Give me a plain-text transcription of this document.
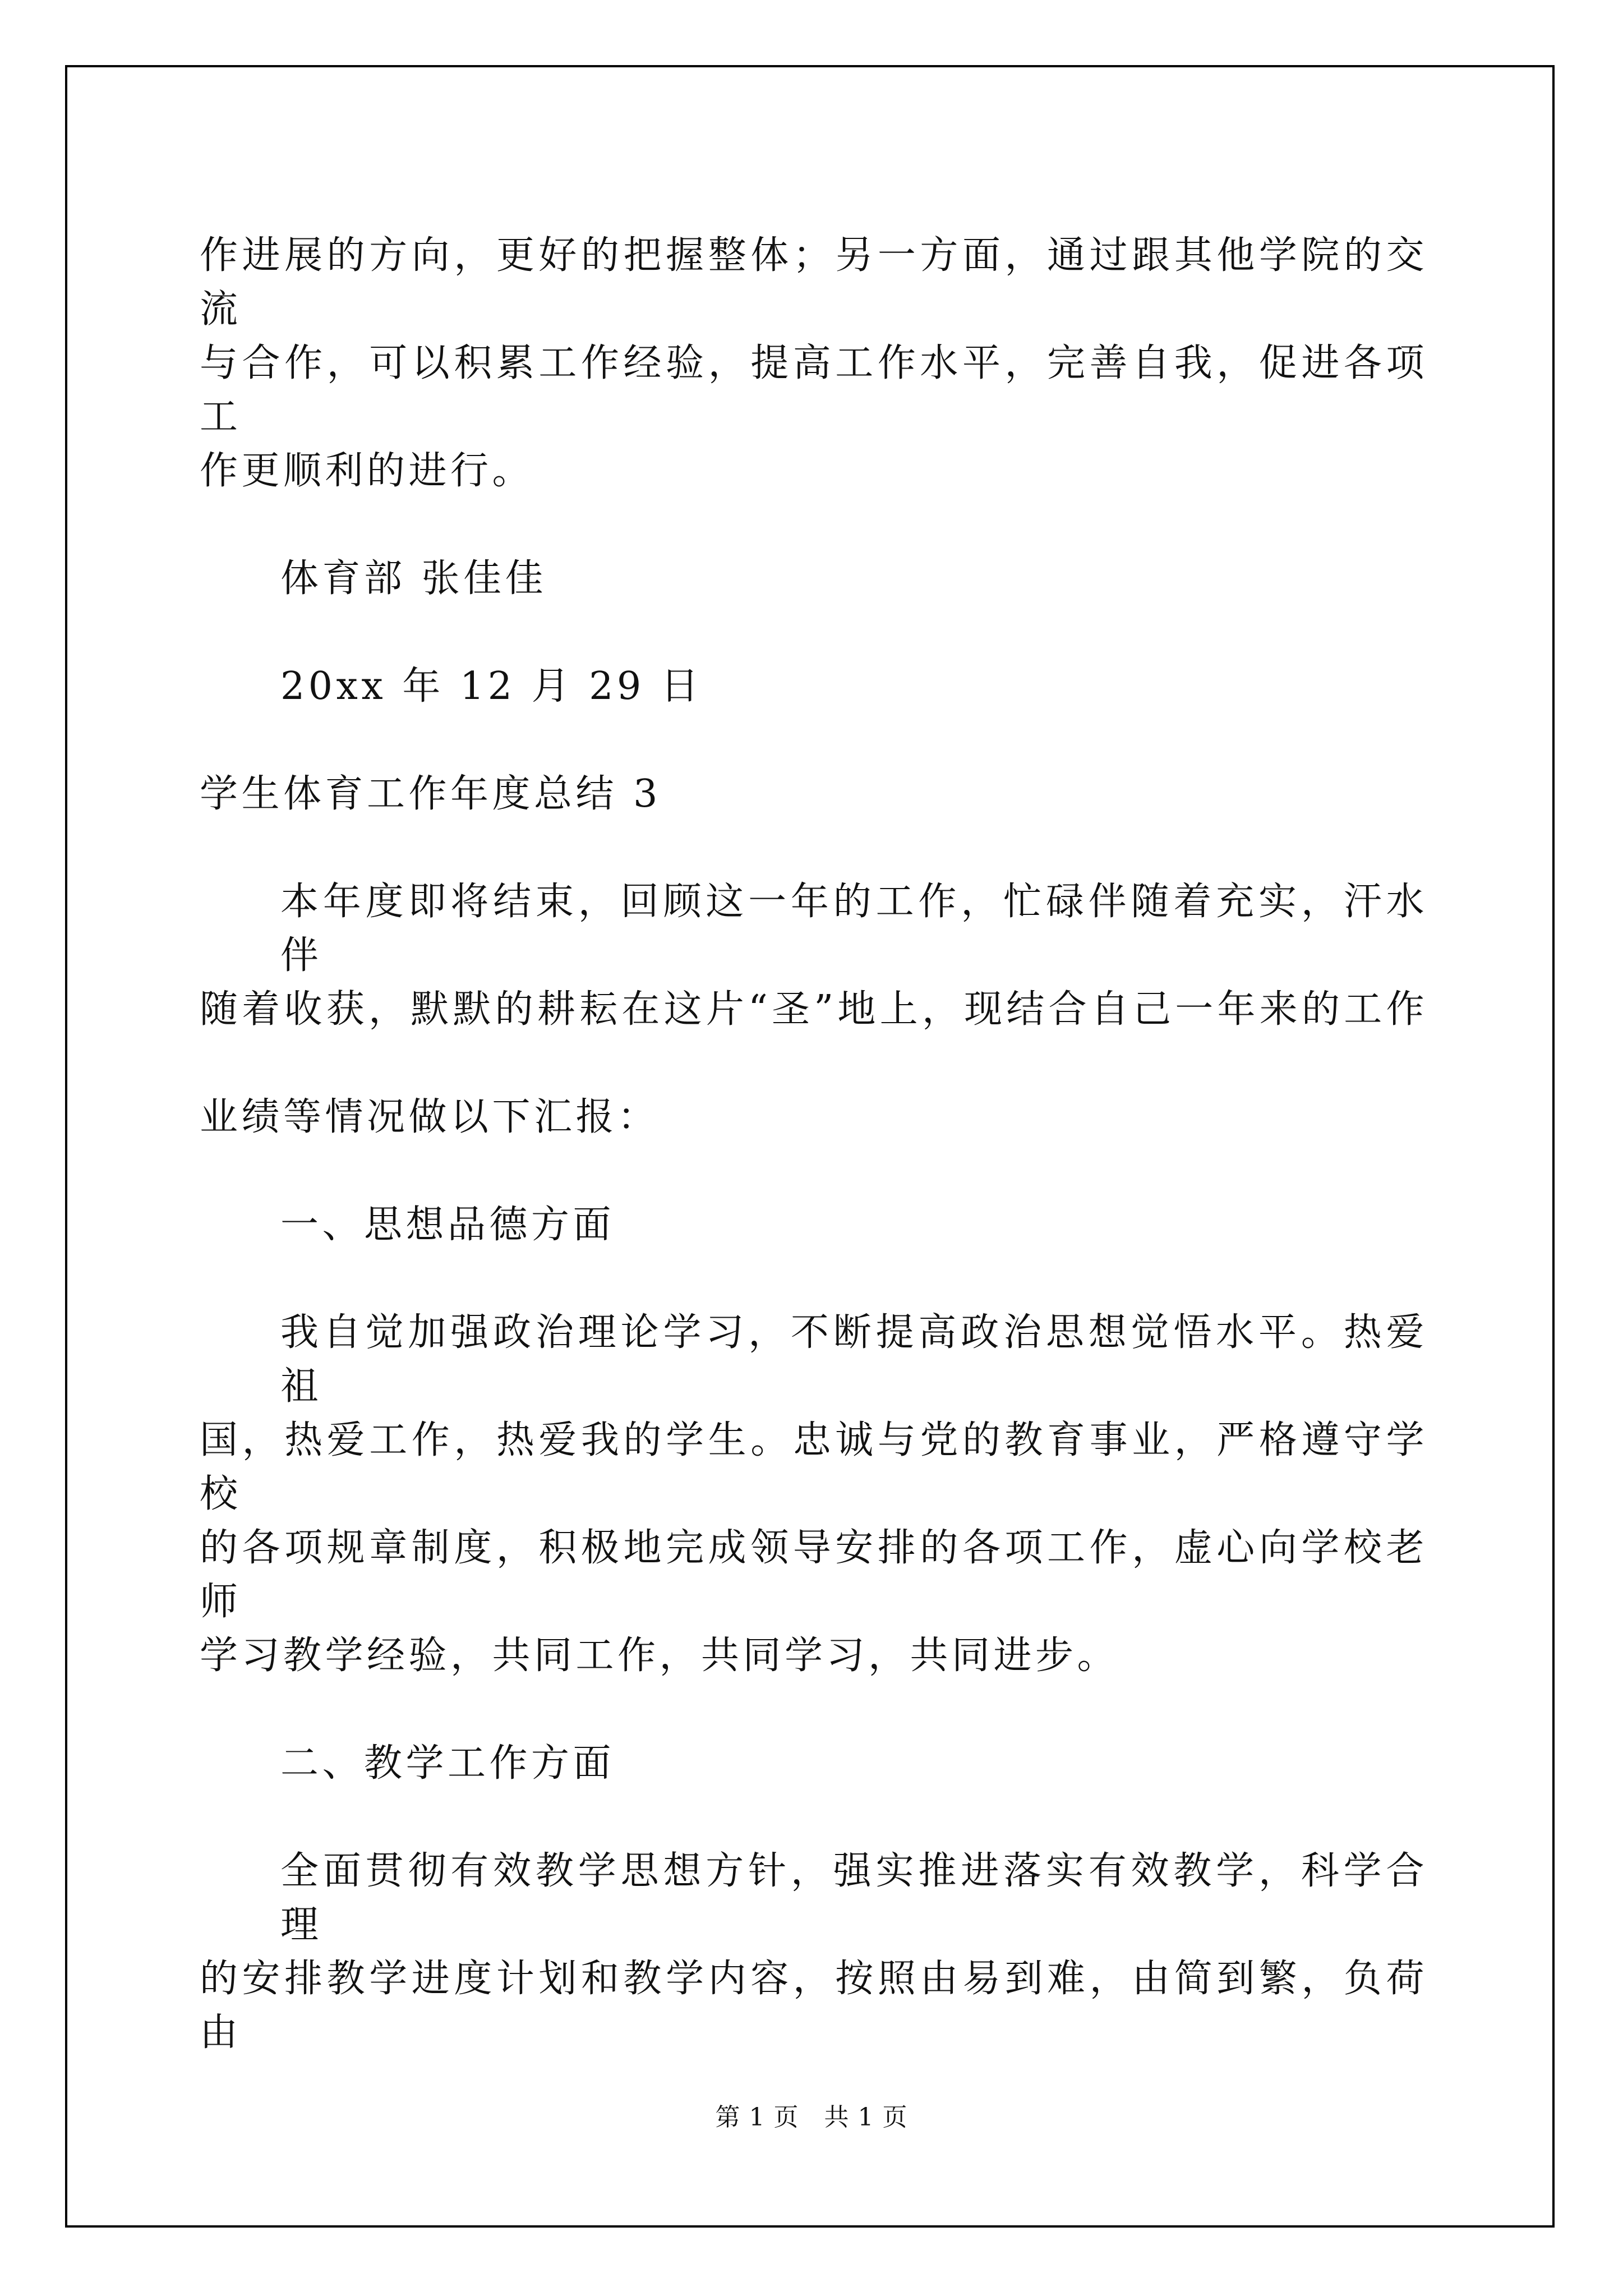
作进展的方向，更好的把握整体；另一方面，通过跟其他学院的交流
与合作，可以积累工作经验，提高工作水平，完善自我，促进各项工
作更顺利的进行。
体育部 张佳佳
20xx 年 12 月 29 日
学生体育工作年度总结 3
本年度即将结束，回顾这一年的工作，忙碌伴随着充实，汗水伴
随着收获，默默的耕耘在这片“圣”地上，现结合自己一年来的工作
业绩等情况做以下汇报：
一、思想品德方面
我自觉加强政治理论学习，不断提高政治思想觉悟水平。热爱祖
国，热爱工作，热爱我的学生。忠诚与党的教育事业，严格遵守学校
的各项规章制度，积极地完成领导安排的各项工作，虚心向学校老师
学习教学经验，共同工作，共同学习，共同进步。
二、教学工作方面
全面贯彻有效教学思想方针，强实推进落实有效教学，科学合理
的安排教学进度计划和教学内容，按照由易到难，由简到繁，负荷由
第 1 页　共 1 页
